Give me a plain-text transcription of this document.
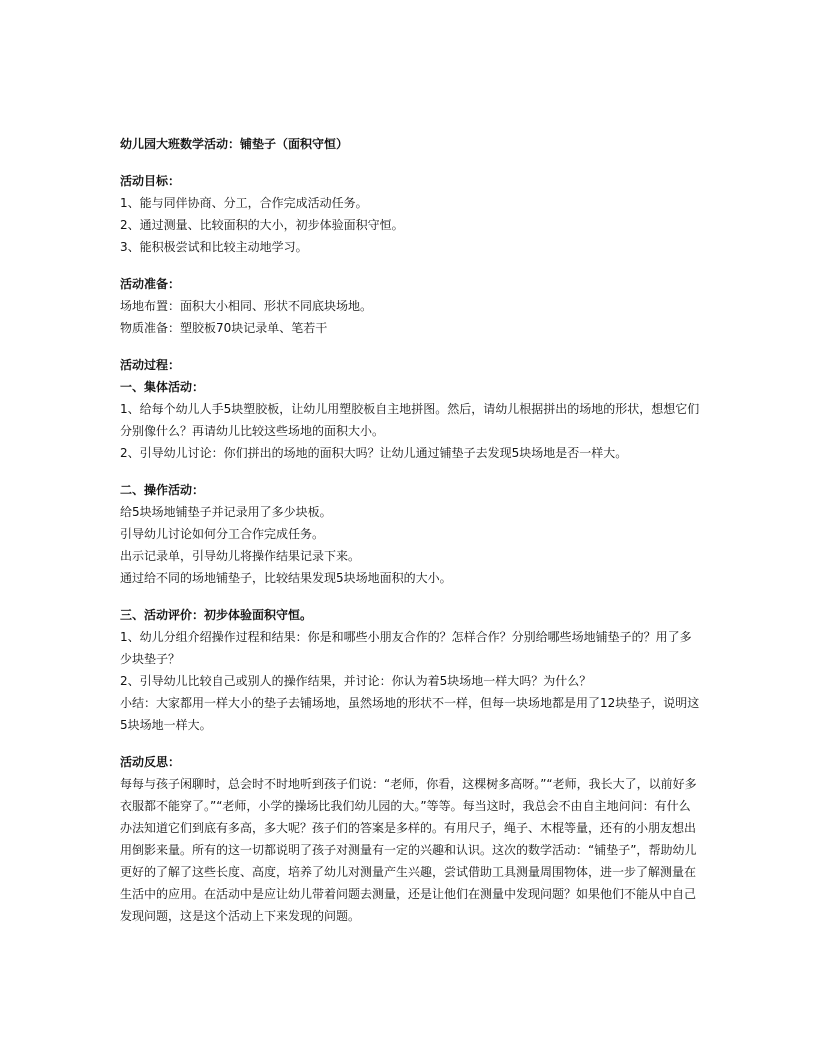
幼儿园大班数学活动：铺垫子（面积守恒）

活动目标：

1、能与同伴协商、分工，合作完成活动任务。

2、通过测量、比较面积的大小，初步体验面积守恒。

3、能积极尝试和比较主动地学习。

活动准备：

场地布置：面积大小相同、形状不同底块场地。

物质准备：塑胶板70块记录单、笔若干

活动过程：

一、集体活动：

1、给每个幼儿人手5块塑胶板，让幼儿用塑胶板自主地拼图。然后，请幼儿根据拼出的场地的形状，想想它们分别像什么？再请幼儿比较这些场地的面积大小。

2、引导幼儿讨论：你们拼出的场地的面积大吗？让幼儿通过铺垫子去发现5块场地是否一样大。

二、操作活动：

给5块场地铺垫子并记录用了多少块板。

引导幼儿讨论如何分工合作完成任务。

出示记录单，引导幼儿将操作结果记录下来。

通过给不同的场地铺垫子，比较结果发现5块场地面积的大小。

三、活动评价：初步体验面积守恒。

1、幼儿分组介绍操作过程和结果：你是和哪些小朋友合作的？怎样合作？分别给哪些场地铺垫子的？用了多少块垫子？

2、引导幼儿比较自己或别人的操作结果，并讨论：你认为着5块场地一样大吗？为什么？

小结：大家都用一样大小的垫子去铺场地，虽然场地的形状不一样，但每一块场地都是用了12块垫子，说明这5块场地一样大。

活动反思：

每每与孩子闲聊时，总会时不时地听到孩子们说：“老师，你看，这棵树多高呀。”“老师，我长大了，以前好多衣服都不能穿了。”“老师，小学的操场比我们幼儿园的大。”等等。每当这时，我总会不由自主地问问：有什么办法知道它们到底有多高，多大呢？孩子们的答案是多样的。有用尺子，绳子、木棍等量，还有的小朋友想出用倒影来量。所有的这一切都说明了孩子对测量有一定的兴趣和认识。这次的数学活动：“铺垫子”，帮助幼儿更好的了解了这些长度、高度，培养了幼儿对测量产生兴趣，尝试借助工具测量周围物体，进一步了解测量在生活中的应用。在活动中是应让幼儿带着问题去测量，还是让他们在测量中发现问题？如果他们不能从中自己发现问题，这是这个活动上下来发现的问题。
